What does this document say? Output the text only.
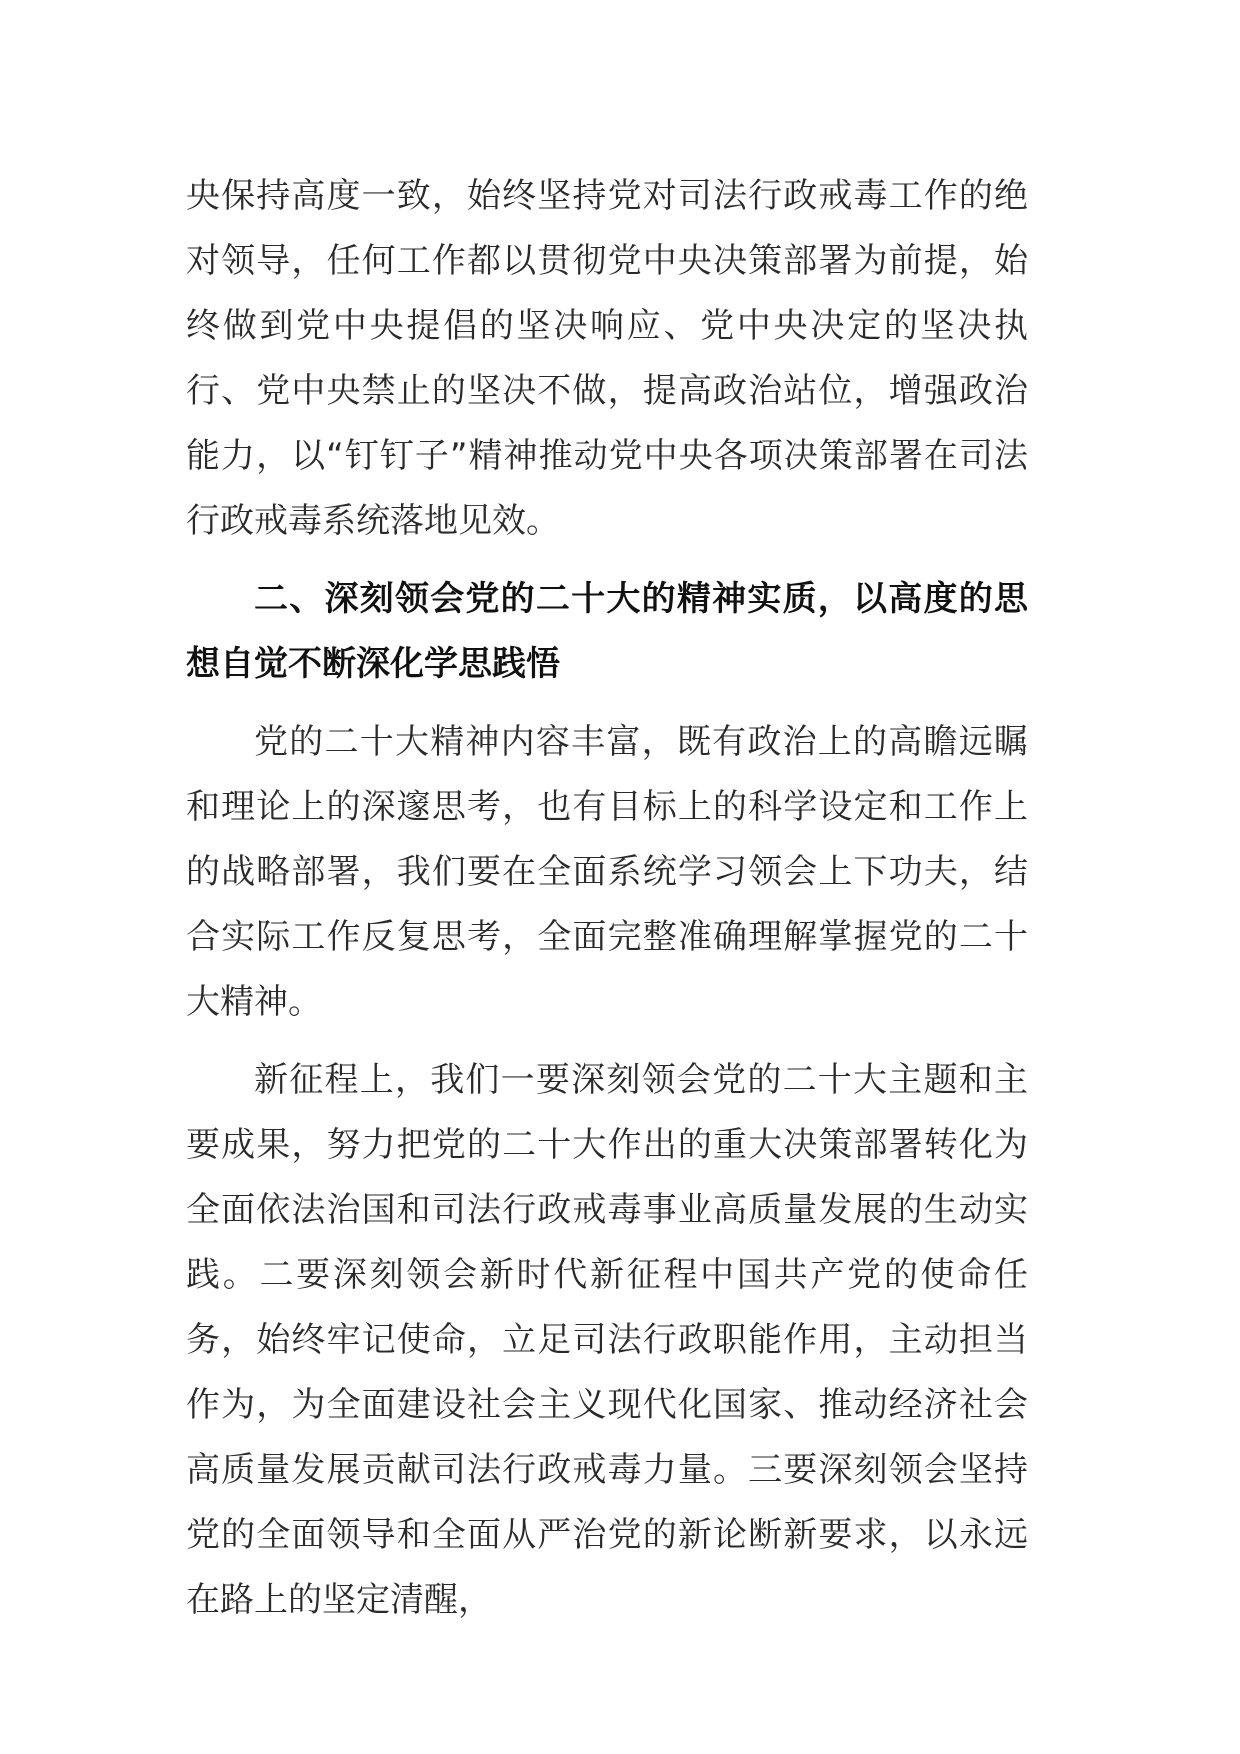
央保持高度一致，始终坚持党对司法行政戒毒工作的绝对领导，任何工作都以贯彻党中央决策部署为前提，始终做到党中央提倡的坚决响应、党中央决定的坚决执行、党中央禁止的坚决不做，提高政治站位，增强政治能力，以“钉钉子”精神推动党中央各项决策部署在司法行政戒毒系统落地见效。

二、深刻领会党的二十大的精神实质，以高度的思想自觉不断深化学思践悟

党的二十大精神内容丰富，既有政治上的高瞻远瞩和理论上的深邃思考，也有目标上的科学设定和工作上的战略部署，我们要在全面系统学习领会上下功夫，结合实际工作反复思考，全面完整准确理解掌握党的二十大精神。

新征程上，我们一要深刻领会党的二十大主题和主要成果，努力把党的二十大作出的重大决策部署转化为全面依法治国和司法行政戒毒事业高质量发展的生动实践。二要深刻领会新时代新征程中国共产党的使命任务，始终牢记使命，立足司法行政职能作用，主动担当作为，为全面建设社会主义现代化国家、推动经济社会高质量发展贡献司法行政戒毒力量。三要深刻领会坚持党的全面领导和全面从严治党的新论断新要求，以永远在路上的坚定清醒，
